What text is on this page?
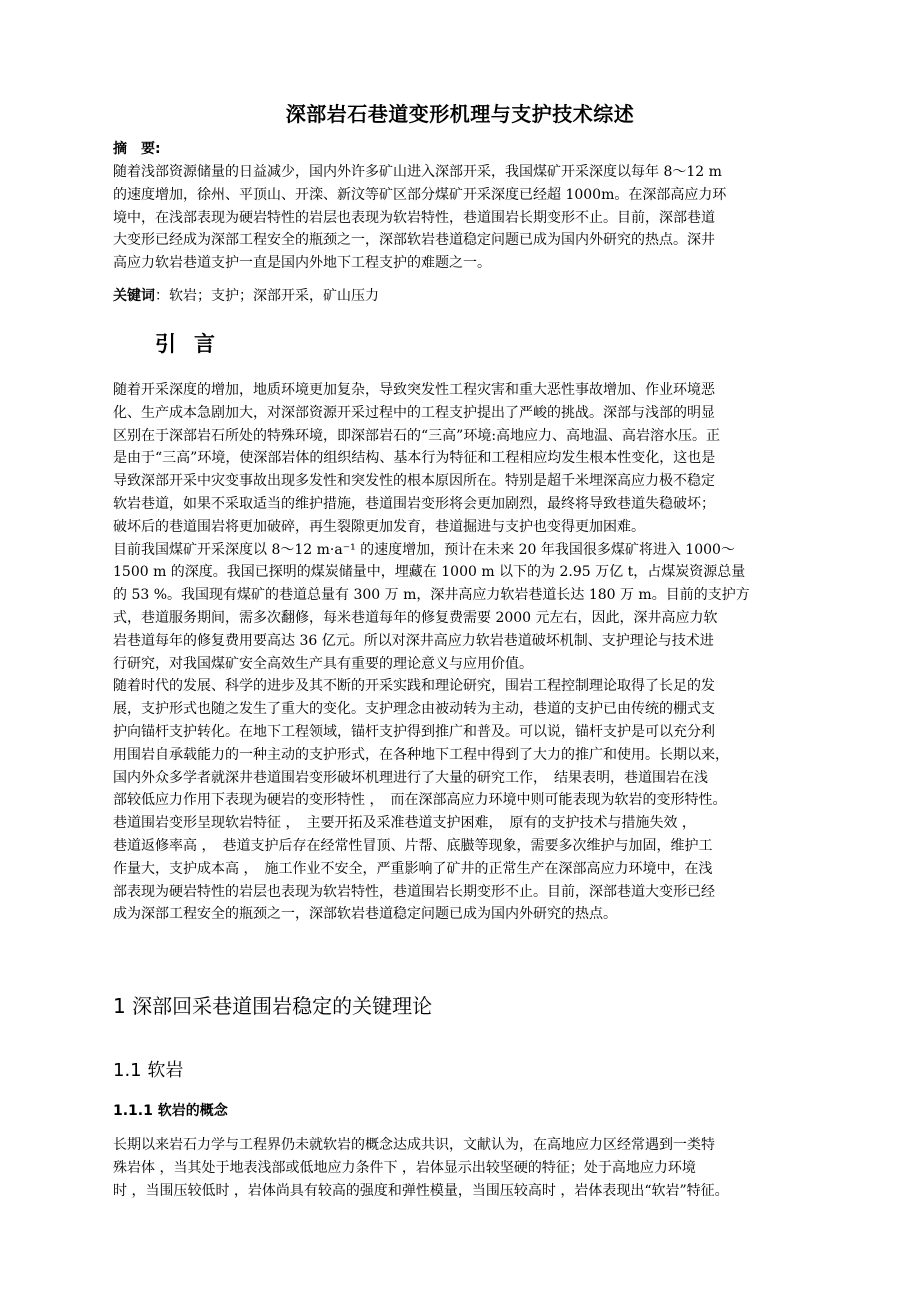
深部岩石巷道变形机理与支护技术综述
摘　要:

随着浅部资源储量的日益减少，国内外许多矿山进入深部开采，我国煤矿开采深度以每年 8～12 m

的速度增加，徐州、平顶山、开滦、新汶等矿区部分煤矿开采深度已经超 1000m。在深部高应力环

境中，在浅部表现为硬岩特性的岩层也表现为软岩特性，巷道围岩长期变形不止。目前，深部巷道

大变形已经成为深部工程安全的瓶颈之一，深部软岩巷道稳定问题已成为国内外研究的热点。深井

高应力软岩巷道支护一直是国内外地下工程支护的难题之一。

关键词：软岩；支护；深部开采，矿山压力
引言

随着开采深度的增加，地质环境更加复杂，导致突发性工程灾害和重大恶性事故增加、作业环境恶

化、生产成本急剧加大，对深部资源开采过程中的工程支护提出了严峻的挑战。深部与浅部的明显

区别在于深部岩石所处的特殊环境，即深部岩石的“三高”环境:高地应力、高地温、高岩溶水压。正

是由于“三高”环境，使深部岩体的组织结构、基本行为特征和工程相应均发生根本性变化，这也是

导致深部开采中灾变事故出现多发性和突发性的根本原因所在。特别是超千米埋深高应力极不稳定

软岩巷道，如果不采取适当的维护措施，巷道围岩变形将会更加剧烈，最终将导致巷道失稳破坏；

破坏后的巷道围岩将更加破碎，再生裂隙更加发育，巷道掘进与支护也变得更加困难。

目前我国煤矿开采深度以 8～12 m·a⁻¹ 的速度增加，预计在未来 20 年我国很多煤矿将进入 1000～

1500 m 的深度。我国已探明的煤炭储量中，埋藏在 1000 m 以下的为 2.95 万亿 t，占煤炭资源总量

的 53 %。我国现有煤矿的巷道总量有 300 万 m，深井高应力软岩巷道长达 180 万 m。目前的支护方

式，巷道服务期间，需多次翻修，每米巷道每年的修复费需要 2000 元左右，因此，深井高应力软

岩巷道每年的修复费用要高达 36 亿元。所以对深井高应力软岩巷道破坏机制、支护理论与技术进

行研究，对我国煤矿安全高效生产具有重要的理论意义与应用价值。

随着时代的发展、科学的进步及其不断的开采实践和理论研究，围岩工程控制理论取得了长足的发

展，支护形式也随之发生了重大的变化。支护理念由被动转为主动，巷道的支护已由传统的棚式支

护向锚杆支护转化。在地下工程领域，锚杆支护得到推广和普及。可以说，锚杆支护是可以充分利

用围岩自承载能力的一种主动的支护形式，在各种地下工程中得到了大力的推广和使用。长期以来，

国内外众多学者就深井巷道围岩变形破坏机理进行了大量的研究工作，　结果表明，巷道围岩在浅

部较低应力作用下表现为硬岩的变形特性 ，　而在深部高应力环境中则可能表现为软岩的变形特性。

巷道围岩变形呈现软岩特征 ，　主要开拓及采准巷道支护困难，　原有的支护技术与措施失效 ，

巷道返修率高 ，　巷道支护后存在经常性冒顶、片帮、底臌等现象，需要多次维护与加固，维护工

作量大，支护成本高 ，　施工作业不安全，严重影响了矿井的正常生产在深部高应力环境中，在浅

部表现为硬岩特性的岩层也表现为软岩特性，巷道围岩长期变形不止。目前，深部巷道大变形已经

成为深部工程安全的瓶颈之一，深部软岩巷道稳定问题已成为国内外研究的热点。

1 深部回采巷道围岩稳定的关键理论
1.1 软岩
1.1.1 软岩的概念

长期以来岩石力学与工程界仍未就软岩的概念达成共识，文献认为，在高地应力区经常遇到一类特

殊岩体 ，当其处于地表浅部或低地应力条件下 ，岩体显示出较坚硬的特征；处于高地应力环境

时 ，当围压较低时 ，岩体尚具有较高的强度和弹性模量，当围压较高时 ，岩体表现出“软岩”特征。
